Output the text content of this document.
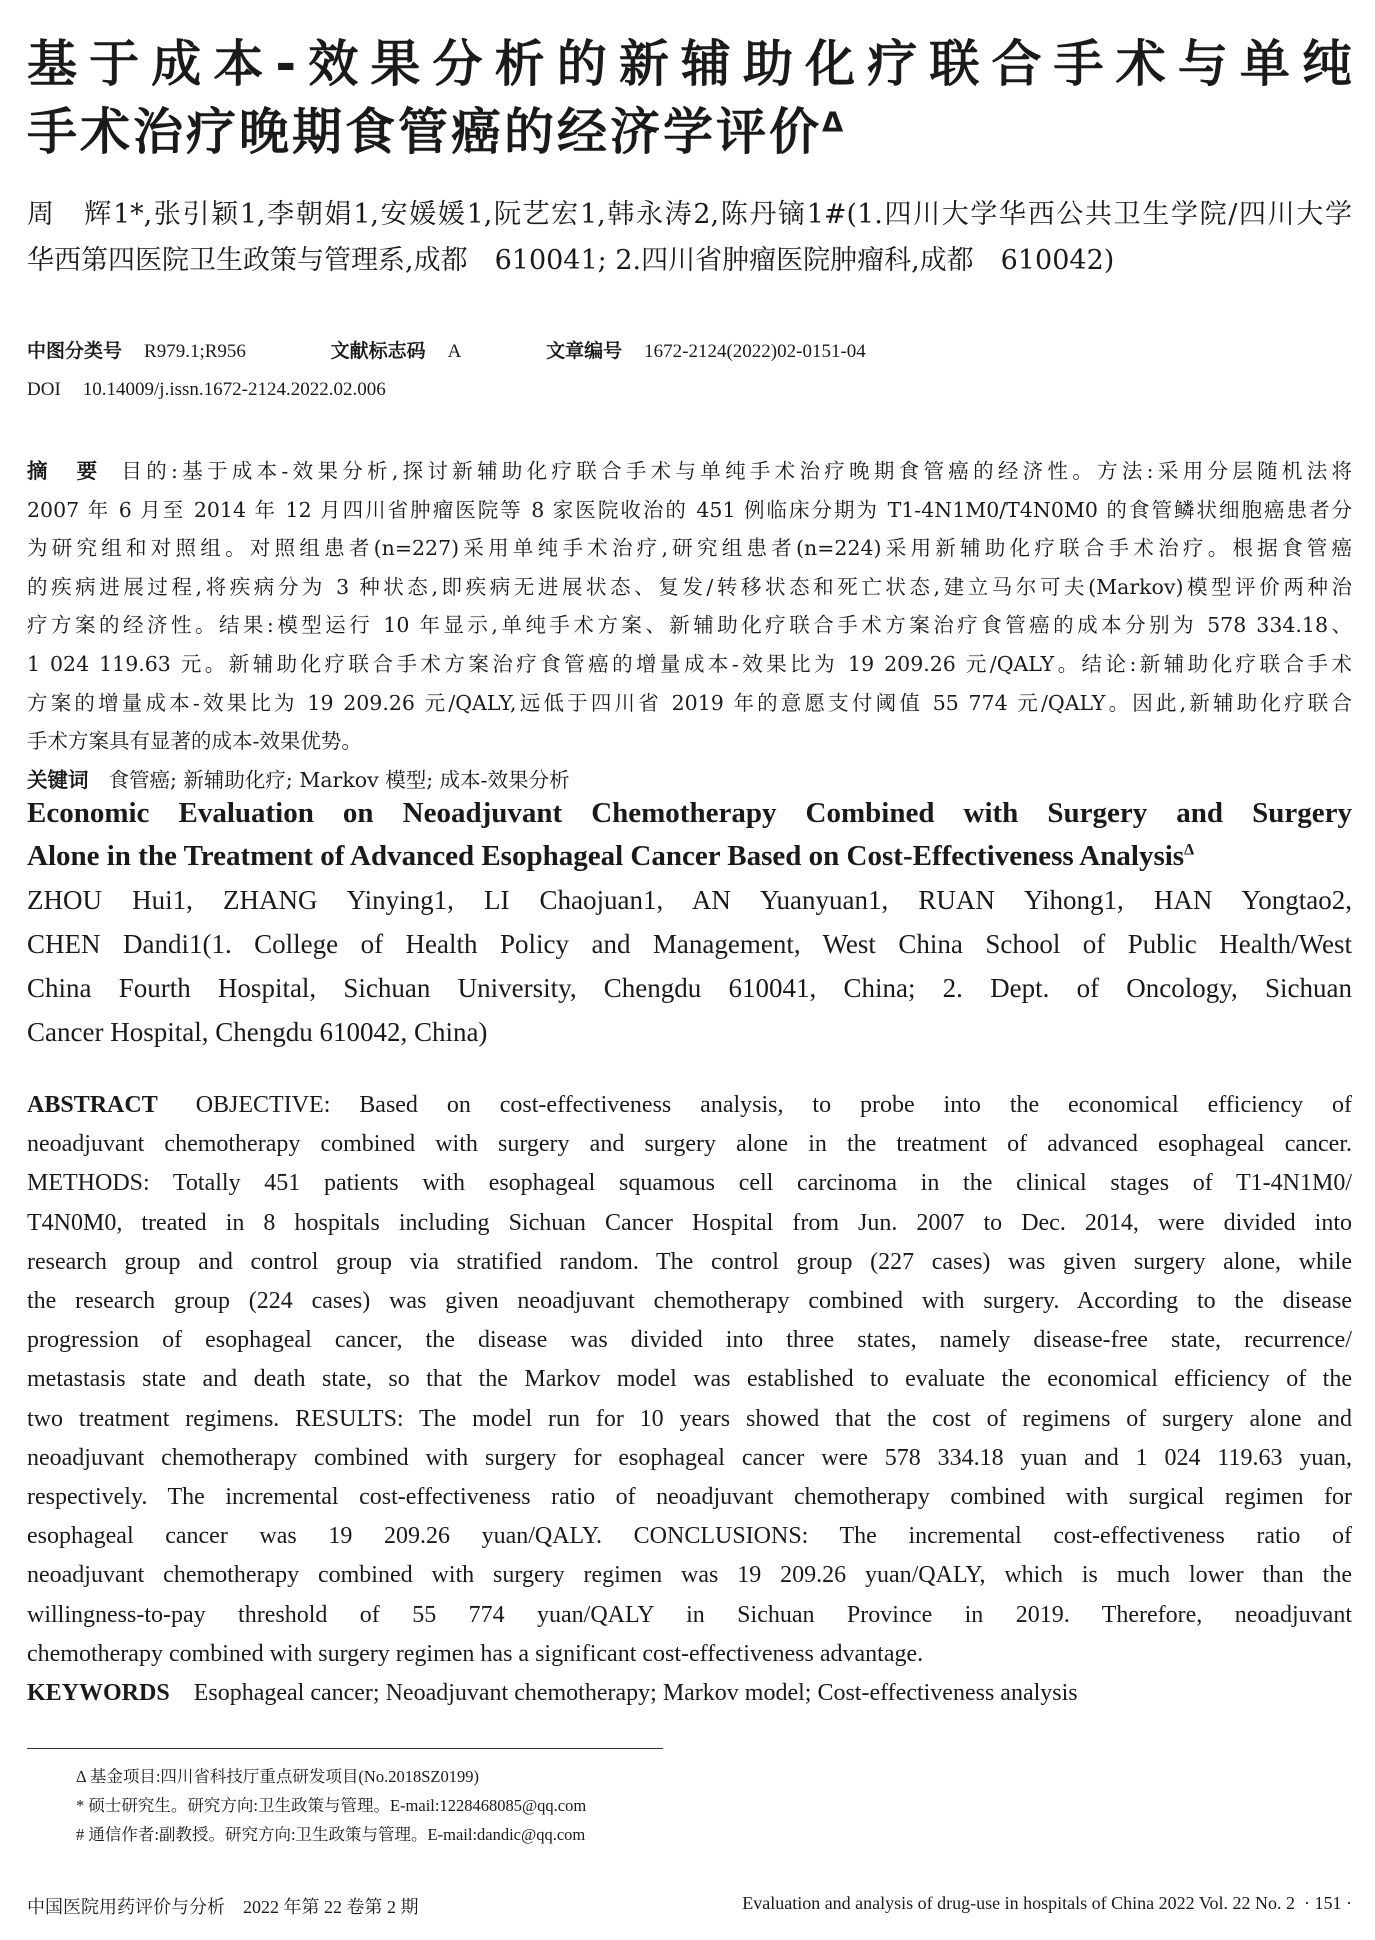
基于成本-效果分析的新辅助化疗联合手术与单纯
手术治疗晚期食管癌的经济学评价$^\Delta$
周　辉1*,张引颖1,李朝娟1,安媛媛1,阮艺宏1,韩永涛2,陈丹镝1#(1.四川大学华西公共卫生学院/四川大学
华西第四医院卫生政策与管理系,成都　610041; 2.四川省肿瘤医院肿瘤科,成都　610042)
中图分类号 R979.1;R956	文献标志码 A	文章编号 1672-2124(2022)02-0151-04
DOI 10.14009/j.issn.1672-2124.2022.02.006
摘　要 目的:基于成本-效果分析,探讨新辅助化疗联合手术与单纯手术治疗晚期食管癌的经济性。方法:采用分层随机法将
2007 年 6 月至 2014 年 12 月四川省肿瘤医院等 8 家医院收治的 451 例临床分期为 T1-4N1M0/T4N0M0 的食管鳞状细胞癌患者分
为研究组和对照组。对照组患者(n=227)采用单纯手术治疗,研究组患者(n=224)采用新辅助化疗联合手术治疗。根据食管癌
的疾病进展过程,将疾病分为 3 种状态,即疾病无进展状态、复发/转移状态和死亡状态,建立马尔可夫(Markov)模型评价两种治
疗方案的经济性。结果:模型运行 10 年显示,单纯手术方案、新辅助化疗联合手术方案治疗食管癌的成本分别为 578 334.18、
1 024 119.63 元。新辅助化疗联合手术方案治疗食管癌的增量成本-效果比为 19 209.26 元/QALY。结论:新辅助化疗联合手术
方案的增量成本-效果比为 19 209.26 元/QALY,远低于四川省 2019 年的意愿支付阈值 55 774 元/QALY。因此,新辅助化疗联合
手术方案具有显著的成本-效果优势。
关键词 食管癌; 新辅助化疗; Markov 模型; 成本-效果分析
Economic Evaluation on Neoadjuvant Chemotherapy Combined with Surgery and Surgery
Alone in the Treatment of Advanced Esophageal Cancer Based on Cost-Effectiveness Analysis$^\Delta$
ZHOU Hui1, ZHANG Yinying1, LI Chaojuan1, AN Yuanyuan1, RUAN Yihong1, HAN Yongtao2,
CHEN Dandi1(1. College of Health Policy and Management, West China School of Public Health/West
China Fourth Hospital, Sichuan University, Chengdu 610041, China; 2. Dept. of Oncology, Sichuan
Cancer Hospital, Chengdu 610042, China)
ABSTRACT OBJECTIVE: Based on cost-effectiveness analysis, to probe into the economical efficiency of
neoadjuvant chemotherapy combined with surgery and surgery alone in the treatment of advanced esophageal cancer.
METHODS: Totally 451 patients with esophageal squamous cell carcinoma in the clinical stages of T1-4N1M0/
T4N0M0, treated in 8 hospitals including Sichuan Cancer Hospital from Jun. 2007 to Dec. 2014, were divided into
research group and control group via stratified random. The control group (227 cases) was given surgery alone, while
the research group (224 cases) was given neoadjuvant chemotherapy combined with surgery. According to the disease
progression of esophageal cancer, the disease was divided into three states, namely disease-free state, recurrence/
metastasis state and death state, so that the Markov model was established to evaluate the economical efficiency of the
two treatment regimens. RESULTS: The model run for 10 years showed that the cost of regimens of surgery alone and
neoadjuvant chemotherapy combined with surgery for esophageal cancer were 578 334.18 yuan and 1 024 119.63 yuan,
respectively. The incremental cost-effectiveness ratio of neoadjuvant chemotherapy combined with surgical regimen for
esophageal cancer was 19 209.26 yuan/QALY. CONCLUSIONS: The incremental cost-effectiveness ratio of
neoadjuvant chemotherapy combined with surgery regimen was 19 209.26 yuan/QALY, which is much lower than the
willingness-to-pay threshold of 55 774 yuan/QALY in Sichuan Province in 2019. Therefore, neoadjuvant
chemotherapy combined with surgery regimen has a significant cost-effectiveness advantage.
KEYWORDS Esophageal cancer; Neoadjuvant chemotherapy; Markov model; Cost-effectiveness analysis
Δ 基金项目:四川省科技厅重点研发项目(No.2018SZ0199)
* 硕士研究生。研究方向:卫生政策与管理。E-mail:1228468085@qq.com
# 通信作者:副教授。研究方向:卫生政策与管理。E-mail:dandic@qq.com
中国医院用药评价与分析　2022 年第 22 卷第 2 期	Evaluation and analysis of drug-use in hospitals of China 2022 Vol. 22 No. 2 · 151 ·
